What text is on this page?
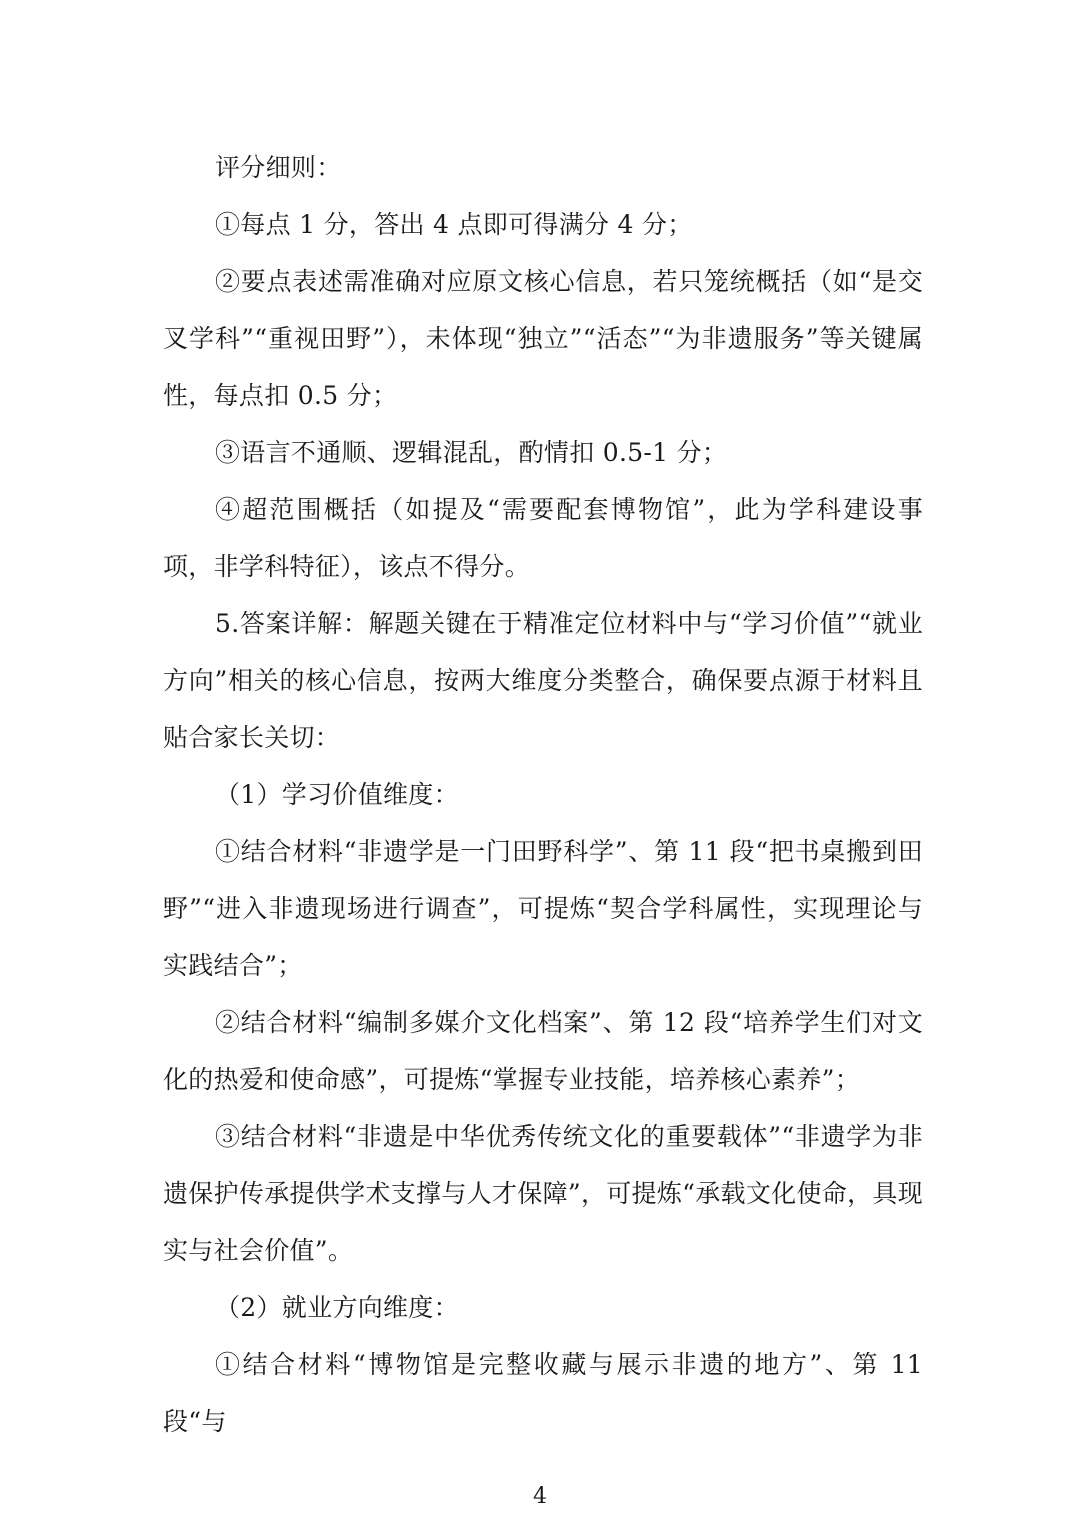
评分细则：

①每点 1 分，答出 4 点即可得满分 4 分；

②要点表述需准确对应原文核心信息，若只笼统概括（如“是交叉学科”“重视田野”），未体现“独立”“活态”“为非遗服务”等关键属性，每点扣 0.5 分；

③语言不通顺、逻辑混乱，酌情扣 0.5-1 分；

④超范围概括（如提及“需要配套博物馆”，此为学科建设事项，非学科特征），该点不得分。

5.答案详解：解题关键在于精准定位材料中与“学习价值”“就业方向”相关的核心信息，按两大维度分类整合，确保要点源于材料且贴合家长关切：

（1）学习价值维度：

①结合材料“非遗学是一门田野科学”、第 11 段“把书桌搬到田野”“进入非遗现场进行调查”，可提炼“契合学科属性，实现理论与实践结合”；

②结合材料“编制多媒介文化档案”、第 12 段“培养学生们对文化的热爱和使命感”，可提炼“掌握专业技能，培养核心素养”；

③结合材料“非遗是中华优秀传统文化的重要载体”“非遗学为非遗保护传承提供学术支撑与人才保障”，可提炼“承载文化使命，具现实与社会价值”。

（2）就业方向维度：

①结合材料“博物馆是完整收藏与展示非遗的地方”、第 11 段“与

4
